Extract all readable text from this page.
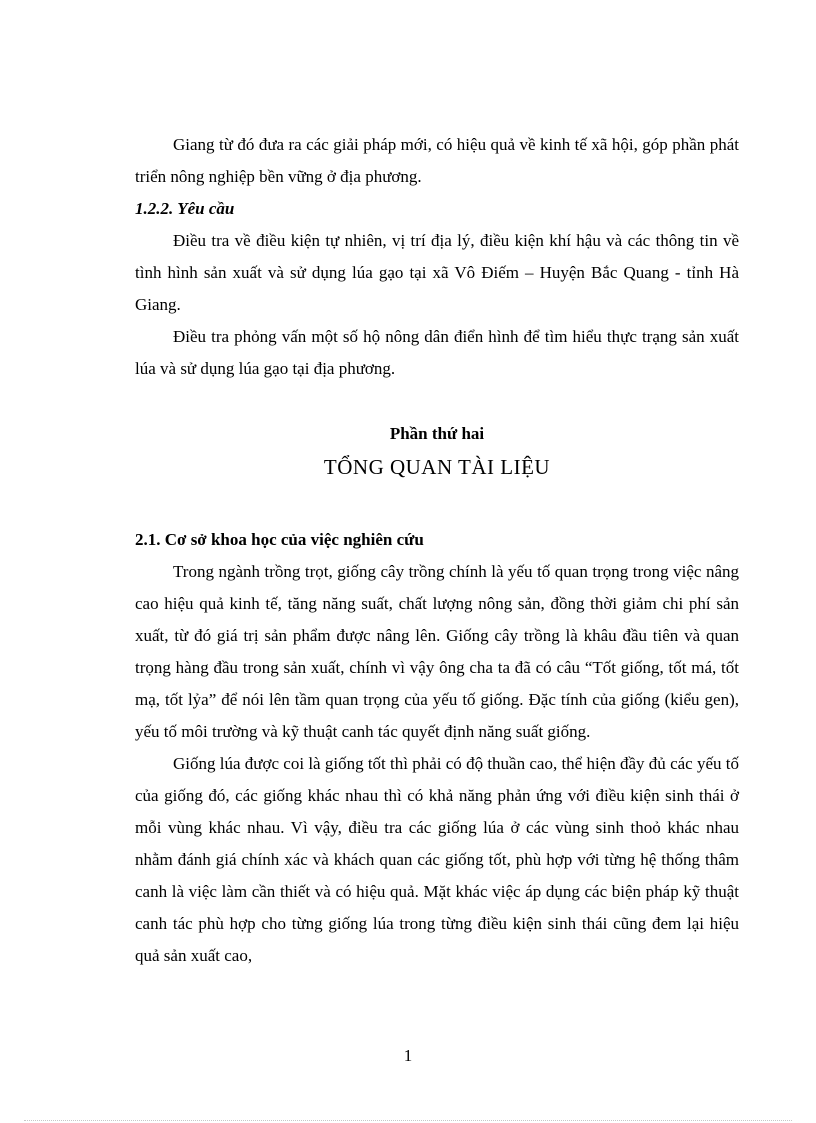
Giang từ đó đưa ra các giải pháp mới, có hiệu quả về kinh tế xã hội, góp phần phát triển nông nghiệp bền vững ở địa phương.

1.2.2. Yêu cầu

Điều tra về điều kiện tự nhiên, vị trí địa lý, điều kiện khí hậu và các thông tin về tình hình sản xuất và sử dụng lúa gạo tại xã Vô Điếm – Huyện Bắc Quang - tỉnh Hà Giang.

Điều tra phỏng vấn một số hộ nông dân điển hình để tìm hiểu thực trạng sản xuất lúa và sử dụng lúa gạo tại địa phương.

Phần thứ hai

TỔNG QUAN TÀI LIỆU

2.1. Cơ sở khoa học của việc nghiên cứu

Trong ngành trồng trọt, giống cây trồng chính là yếu tố quan trọng trong việc nâng cao hiệu quả kinh tế, tăng năng suất, chất lượng nông sản, đồng thời giảm chi phí sản xuất, từ đó giá trị sản phẩm được nâng lên. Giống cây trồng là khâu đầu tiên và quan trọng hàng đầu trong sản xuất, chính vì vậy ông cha ta đã có câu “Tốt giống, tốt má, tốt mạ, tốt lỷa” để nói lên tầm quan trọng của yếu tố giống. Đặc tính của giống (kiểu gen), yếu tố môi trường và kỹ thuật canh tác quyết định năng suất giống.

Giống lúa được coi là giống tốt thì phải có độ thuần cao, thể hiện đầy đủ các yếu tố của giống đó, các giống khác nhau thì có khả năng phản ứng với điều kiện sinh thái ở mỗi vùng khác nhau. Vì vậy, điều tra các giống lúa ở các vùng sinh thoỏ khác nhau nhằm đánh giá chính xác và khách quan các giống tốt, phù hợp với từng hệ thống thâm canh là việc làm cần thiết và có hiệu quả. Mặt khác việc áp dụng các biện pháp kỹ thuật canh tác phù hợp cho từng giống lúa trong từng điều kiện sinh thái cũng đem lại hiệu quả sản xuất cao,

1
